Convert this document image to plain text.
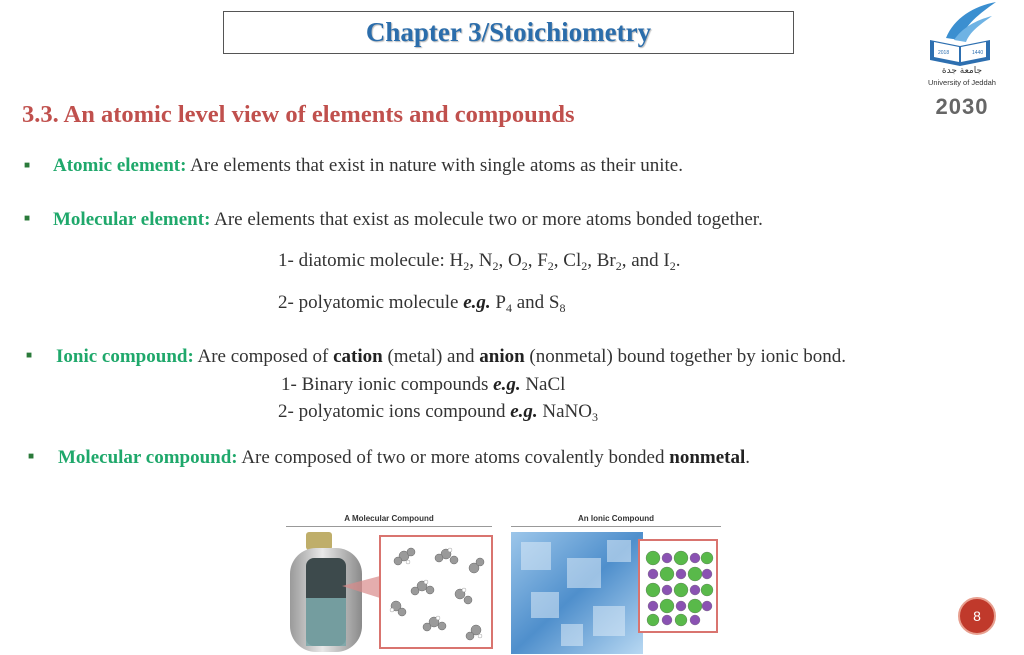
Chapter 3/Stoichiometry
2018	1440
جامعة جدة
University of Jeddah
2030
3.3. An atomic level view of elements and compounds
■ Atomic element: Are elements that exist in nature with single atoms as their unite.
■ Molecular element: Are elements that exist as molecule two or more atoms bonded together.
1- diatomic molecule: $H_2$, $N_2$, $O_2$, $F_2$, $Cl_2$, $Br_2$, and $I_2$.
2- polyatomic molecule e.g. $P_4$ and $S_8$
■ Ionic compound: Are composed of cation (metal) and anion (nonmetal) bound together by ionic bond.
1- Binary ionic compounds e.g. NaCl
2- polyatomic ions compound e.g. NaNO$_3$
■ Molecular compound: Are composed of two or more atoms covalently bonded nonmetal.
A Molecular Compound	An Ionic Compound
8
